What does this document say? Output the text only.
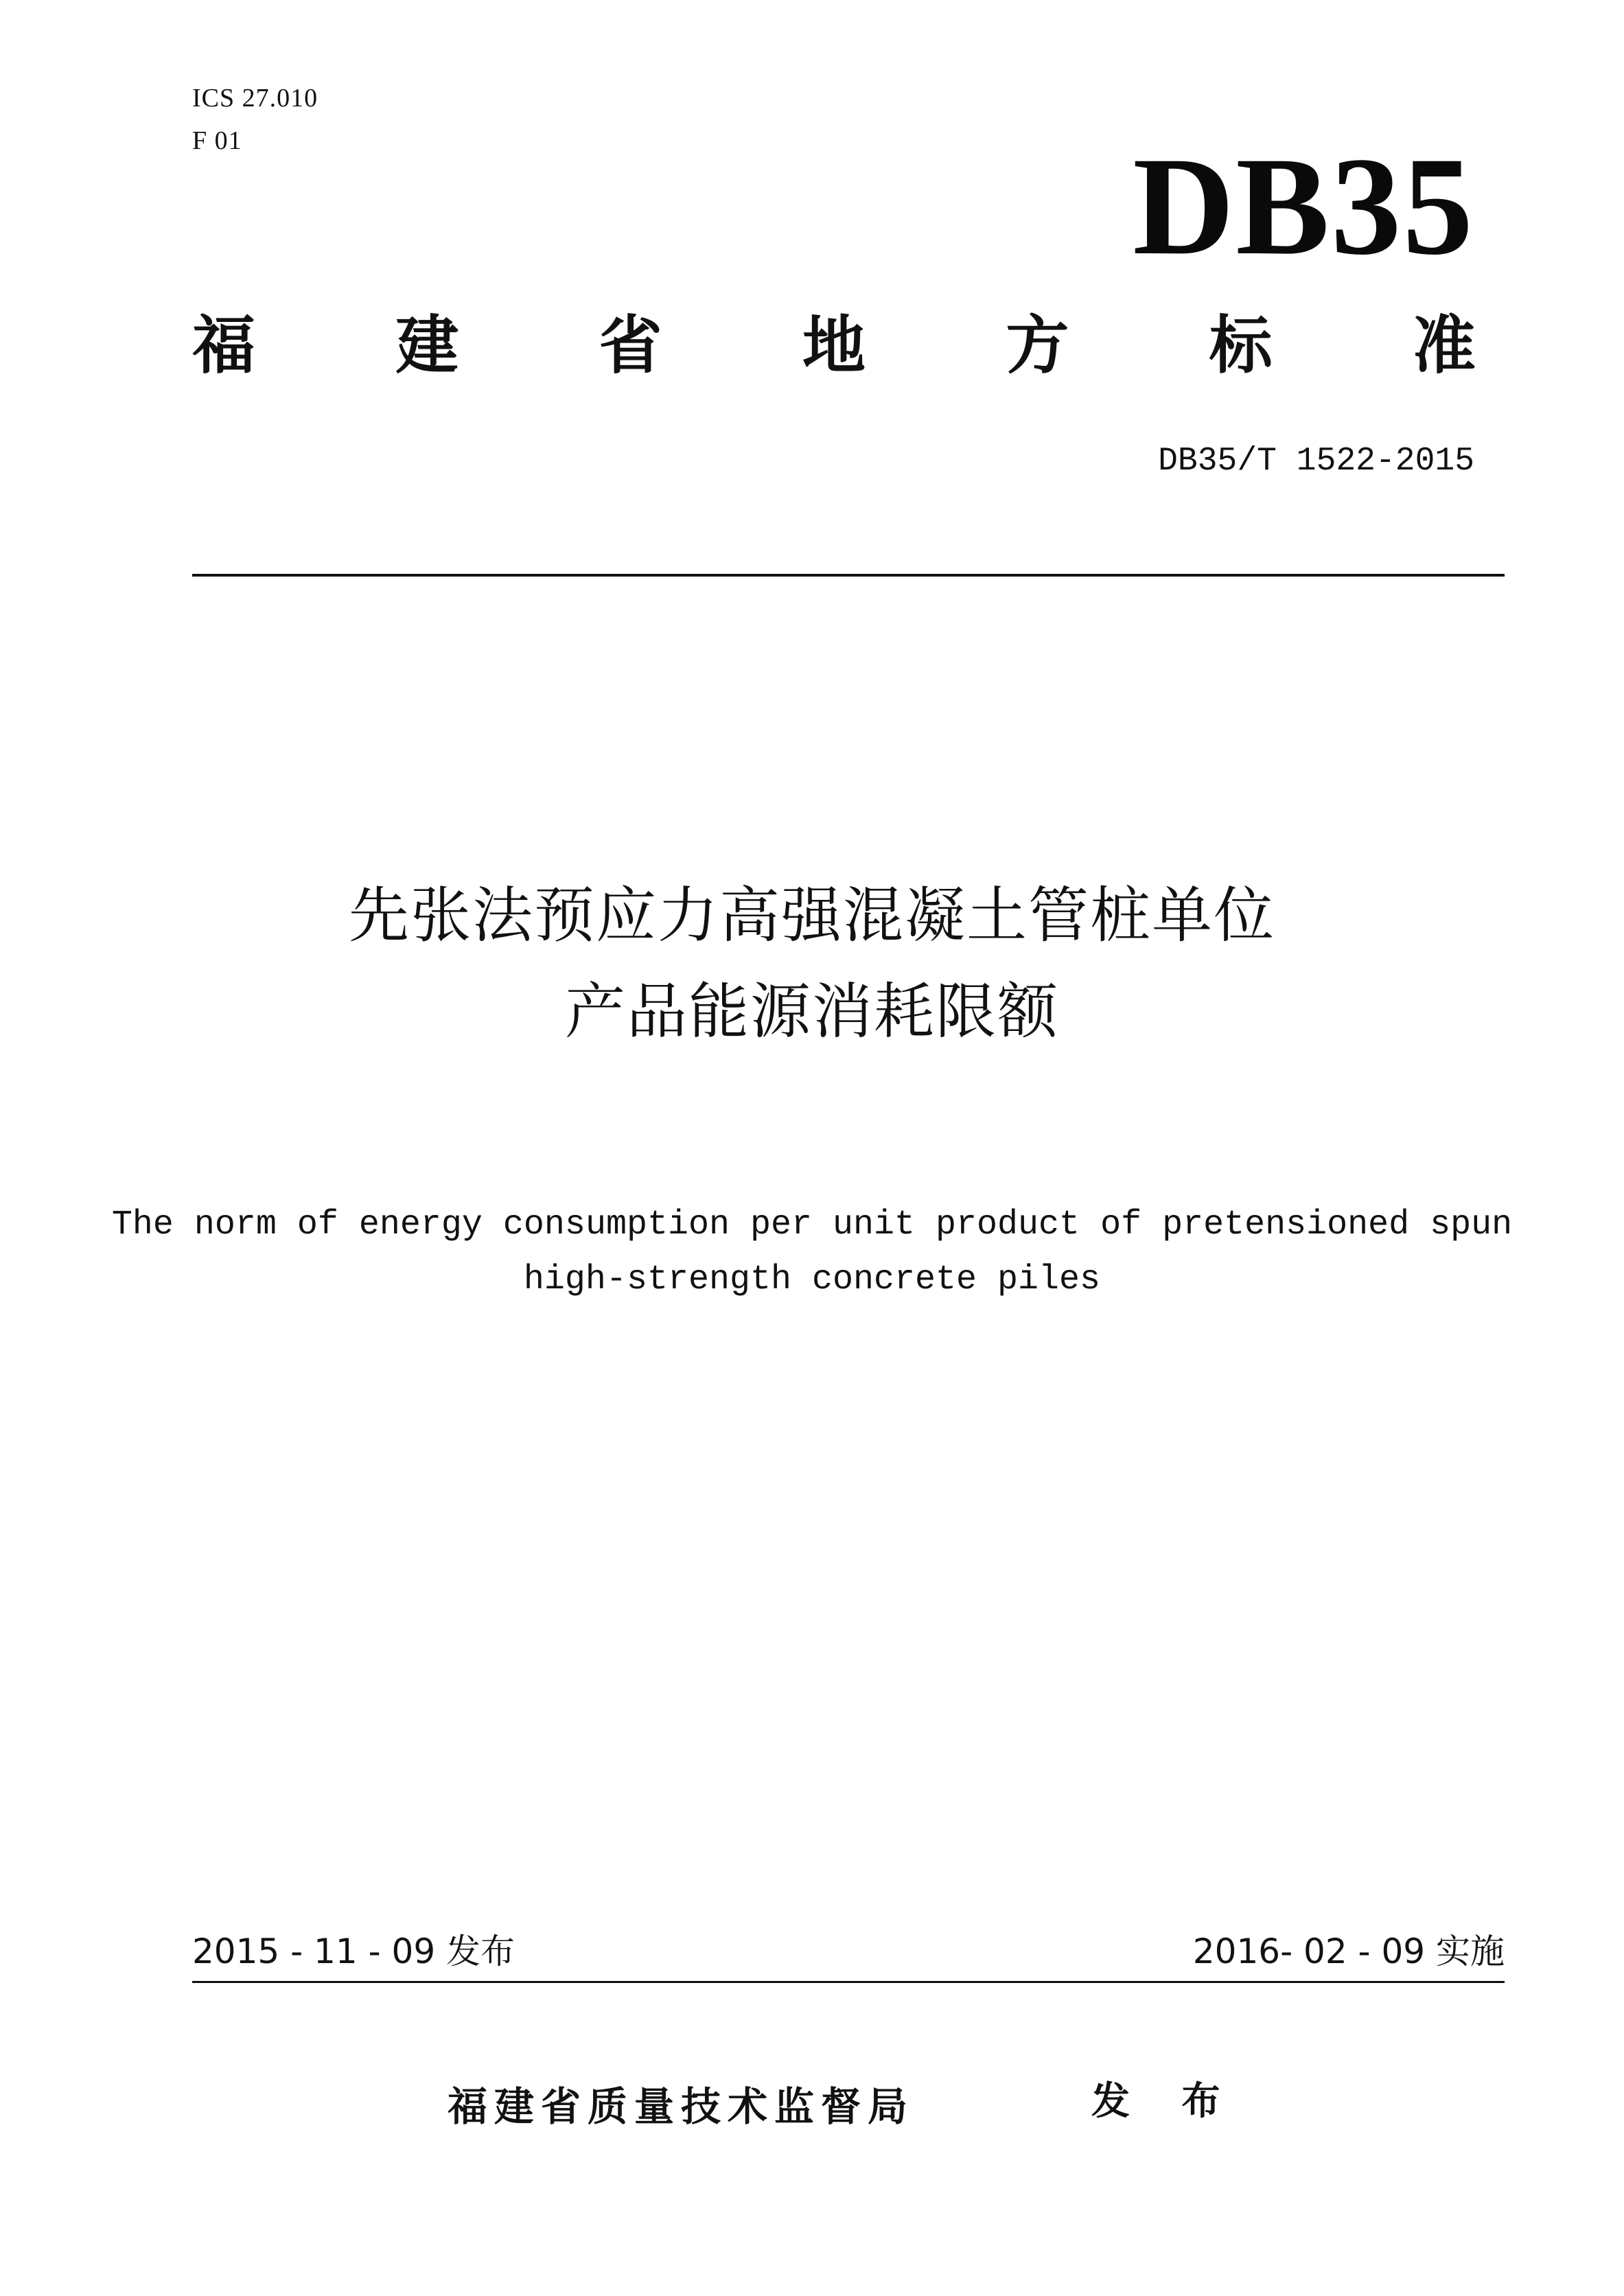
ICS 27.010
F 01	DB35
福 建 省 地 方 标 准
DB35/T 1522-2015
先张法预应力高强混凝土管桩单位
产品能源消耗限额
The norm of energy consumption per unit product of pretensioned spun
high-strength concrete piles
2015 - 11 - 09 发布	2016- 02 - 09 实施
福建省质量技术监督局	发 布
